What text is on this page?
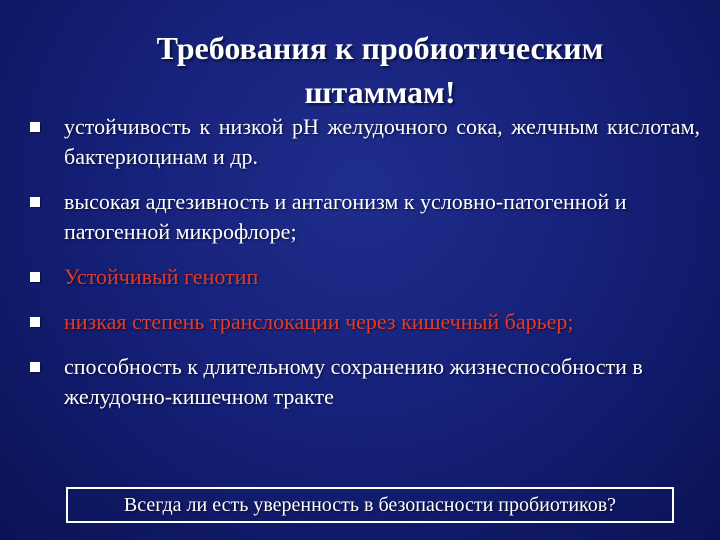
Требования к пробиотическим
штаммам!
устойчивость к низкой рН желудочного сока, желчным кислотам, бактериоцинам и др.
высокая адгезивность и антагонизм к условно-патогенной и патогенной микрофлоре;
Устойчивый генотип
низкая степень транслокации через кишечный барьер;
способность к длительному сохранению жизнеспособности в желудочно-кишечном тракте
Всегда ли есть уверенность в безопасности пробиотиков?
